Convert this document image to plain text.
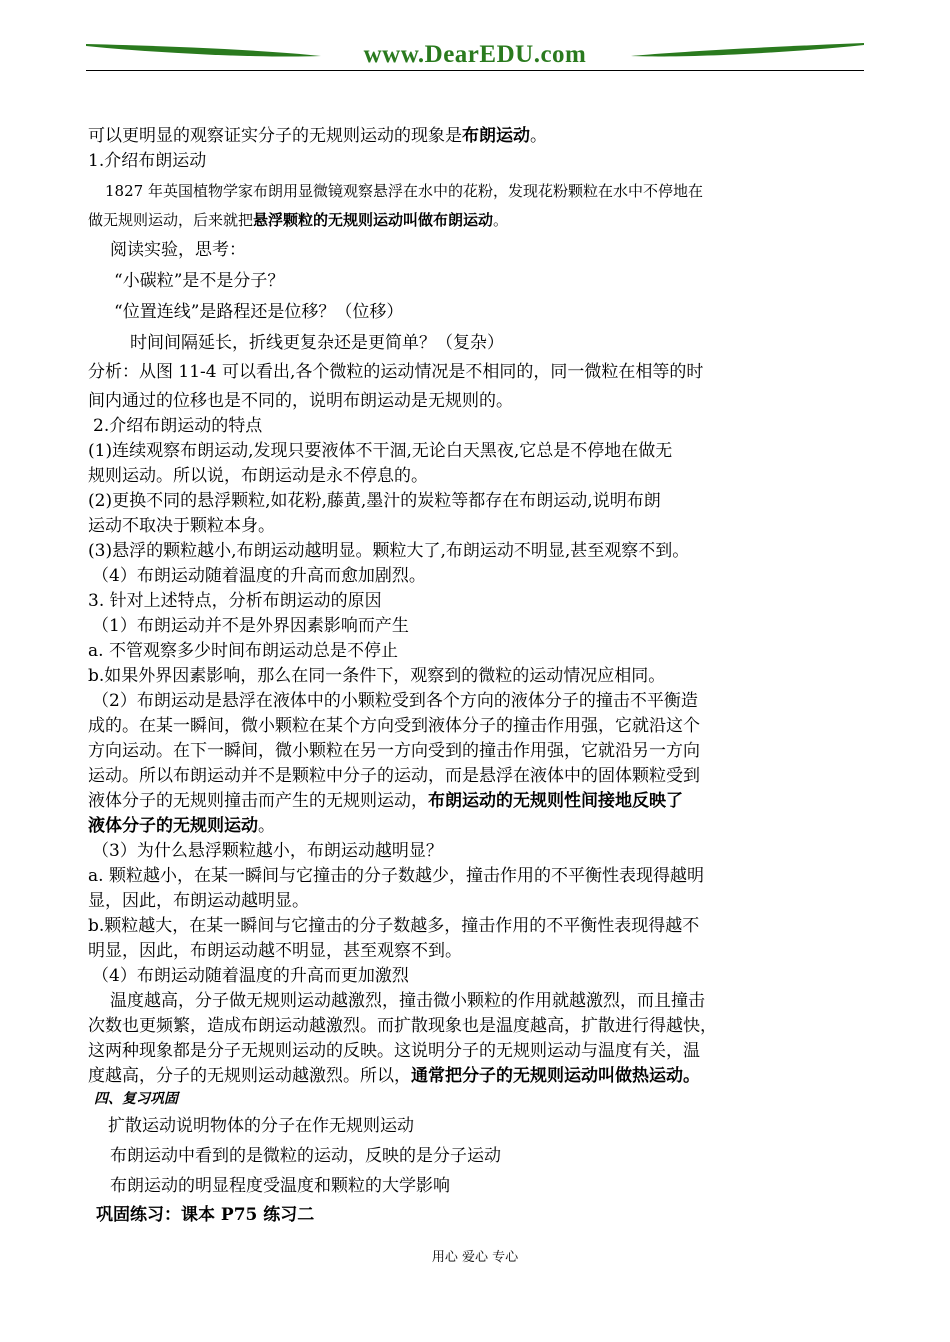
www.DearEDU.com
可以更明显的观察证实分子的无规则运动的现象是布朗运动。
1.介绍布朗运动
1827 年英国植物学家布朗用显微镜观察悬浮在水中的花粉，发现花粉颗粒在水中不停地在
做无规则运动，后来就把悬浮颗粒的无规则运动叫做布朗运动。
阅读实验，思考：
“小碳粒”是不是分子？
“位置连线”是路程还是位移？（位移）
时间间隔延长，折线更复杂还是更简单？（复杂）
分析：从图 11-4 可以看出,各个微粒的运动情况是不相同的，同一微粒在相等的时
间内通过的位移也是不同的，说明布朗运动是无规则的。
2.介绍布朗运动的特点
(1)连续观察布朗运动,发现只要液体不干涸,无论白天黑夜,它总是不停地在做无
规则运动。所以说，布朗运动是永不停息的。
(2)更换不同的悬浮颗粒,如花粉,藤黄,墨汁的炭粒等都存在布朗运动,说明布朗
运动不取决于颗粒本身。
(3)悬浮的颗粒越小,布朗运动越明显。颗粒大了,布朗运动不明显,甚至观察不到。
（4）布朗运动随着温度的升高而愈加剧烈。
3. 针对上述特点，分析布朗运动的原因
（1）布朗运动并不是外界因素影响而产生
a. 不管观察多少时间布朗运动总是不停止
b.如果外界因素影响，那么在同一条件下，观察到的微粒的运动情况应相同。
（2）布朗运动是悬浮在液体中的小颗粒受到各个方向的液体分子的撞击不平衡造
成的。在某一瞬间，微小颗粒在某个方向受到液体分子的撞击作用强，它就沿这个
方向运动。在下一瞬间，微小颗粒在另一方向受到的撞击作用强，它就沿另一方向
运动。所以布朗运动并不是颗粒中分子的运动，而是悬浮在液体中的固体颗粒受到
液体分子的无规则撞击而产生的无规则运动，布朗运动的无规则性间接地反映了
液体分子的无规则运动。
（3）为什么悬浮颗粒越小，布朗运动越明显？
a. 颗粒越小，在某一瞬间与它撞击的分子数越少，撞击作用的不平衡性表现得越明
显，因此，布朗运动越明显。
b.颗粒越大，在某一瞬间与它撞击的分子数越多，撞击作用的不平衡性表现得越不
明显，因此，布朗运动越不明显，甚至观察不到。
（4）布朗运动随着温度的升高而更加激烈
温度越高，分子做无规则运动越激烈，撞击微小颗粒的作用就越激烈，而且撞击
次数也更频繁，造成布朗运动越激烈。而扩散现象也是温度越高，扩散进行得越快，
这两种现象都是分子无规则运动的反映。这说明分子的无规则运动与温度有关，温
度越高，分子的无规则运动越激烈。所以，通常把分子的无规则运动叫做热运动。
四、复习巩固
扩散运动说明物体的分子在作无规则运动
布朗运动中看到的是微粒的运动，反映的是分子运动
布朗运动的明显程度受温度和颗粒的大学影响
巩固练习：课本 P75 练习二
用心 爱心 专心
